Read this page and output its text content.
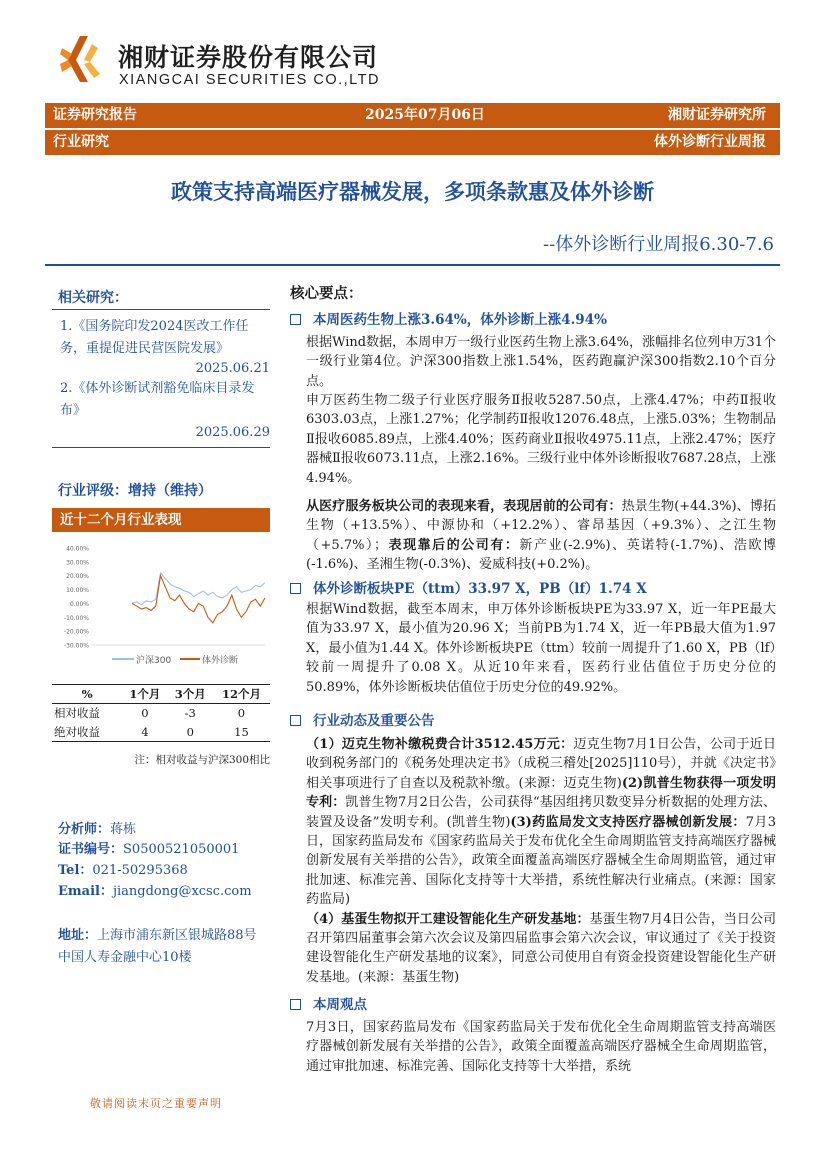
湘财证券股份有限公司
XIANGCAI SECURITIES CO.,LTD
证券研究报告	2025年07月06日	湘财证券研究所
行业研究	体外诊断行业周报
政策支持高端医疗器械发展，多项条款惠及体外诊断
--体外诊断行业周报6.30-7.6
相关研究：
1.《国务院印发2024医改工作任务，重提促进民营医院发展》
2025.06.21
2.《体外诊断试剂豁免临床目录发布》
2025.06.29
行业评级：增持（维持）
近十二个月行业表现
40.00%
30.00%
20.00%
10.00%
0.00%
-10.00%
-20.00%
-30.00%
沪深300	体外诊断
%	1个月	3个月	12个月
相对收益	0	-3	0
绝对收益	4	0	15
注：相对收益与沪深300相比
分析师：蒋栋
证书编号：S0500521050001
Tel：021-50295368
Email：jiangdong@xcsc.com
地址：上海市浦东新区银城路88号
中国人寿金融中心10楼
核心要点：
本周医药生物上涨3.64%，体外诊断上涨4.94%
根据Wind数据，本周申万一级行业医药生物上涨3.64%，涨幅排名位列申万31个一级行业第4位。沪深300指数上涨1.54%，医药跑赢沪深300指数2.10个百分点。
申万医药生物二级子行业医疗服务Ⅱ报收5287.50点，上涨4.47%；中药Ⅱ报收6303.03点，上涨1.27%；化学制药Ⅱ报收12076.48点，上涨5.03%；生物制品Ⅱ报收6085.89点，上涨4.40%；医药商业Ⅱ报收4975.11点，上涨2.47%；医疗器械Ⅱ报收6073.11点，上涨2.16%。三级行业中体外诊断报收7687.28点，上涨4.94%。
从医疗服务板块公司的表现来看，表现居前的公司有：热景生物(+44.3%)、博拓生物（+13.5%）、中源协和（+12.2%）、睿昂基因（+9.3%）、之江生物（+5.7%）；表现靠后的公司有：新产业(-2.9%)、英诺特(-1.7%)、浩欧博(-1.6%)、圣湘生物(-0.3%)、爱威科技(+0.2%)。
体外诊断板块PE（ttm）33.97 X，PB（lf）1.74 X
根据Wind数据，截至本周末，申万体外诊断板块PE为33.97 X，近一年PE最大值为33.97 X，最小值为20.96 X；当前PB为1.74 X，近一年PB最大值为1.97 X，最小值为1.44 X。体外诊断板块PE（ttm）较前一周提升了1.60 X，PB（lf）较前一周提升了0.08 X。从近10年来看，医药行业估值位于历史分位的50.89%，体外诊断板块估值位于历史分位的49.92%。
行业动态及重要公告
（1）迈克生物补缴税费合计3512.45万元：迈克生物7月1日公告，公司于近日收到税务部门的《税务处理决定书》（成税三稽处[2025]110号），并就《决定书》相关事项进行了自查以及税款补缴。(来源：迈克生物)(2)凯普生物获得一项发明专利：凯普生物7月2日公告，公司获得“基因组拷贝数变异分析数据的处理方法、装置及设备”发明专利。(凯普生物)(3)药监局发文支持医疗器械创新发展：7月3日，国家药监局发布《国家药监局关于发布优化全生命周期监管支持高端医疗器械创新发展有关举措的公告》，政策全面覆盖高端医疗器械全生命周期监管，通过审批加速、标准完善、国际化支持等十大举措，系统性解决行业痛点。(来源：国家药监局)
（4）基蛋生物拟开工建设智能化生产研发基地：基蛋生物7月4日公告，当日公司召开第四届董事会第六次会议及第四届监事会第六次会议，审议通过了《关于投资建设智能化生产研发基地的议案》，同意公司使用自有资金投资建设智能化生产研发基地。(来源：基蛋生物)
本周观点
7月3日，国家药监局发布《国家药监局关于发布优化全生命周期监管支持高端医疗器械创新发展有关举措的公告》，政策全面覆盖高端医疗器械全生命周期监管，通过审批加速、标准完善、国际化支持等十大举措，系统
敬请阅读末页之重要声明
